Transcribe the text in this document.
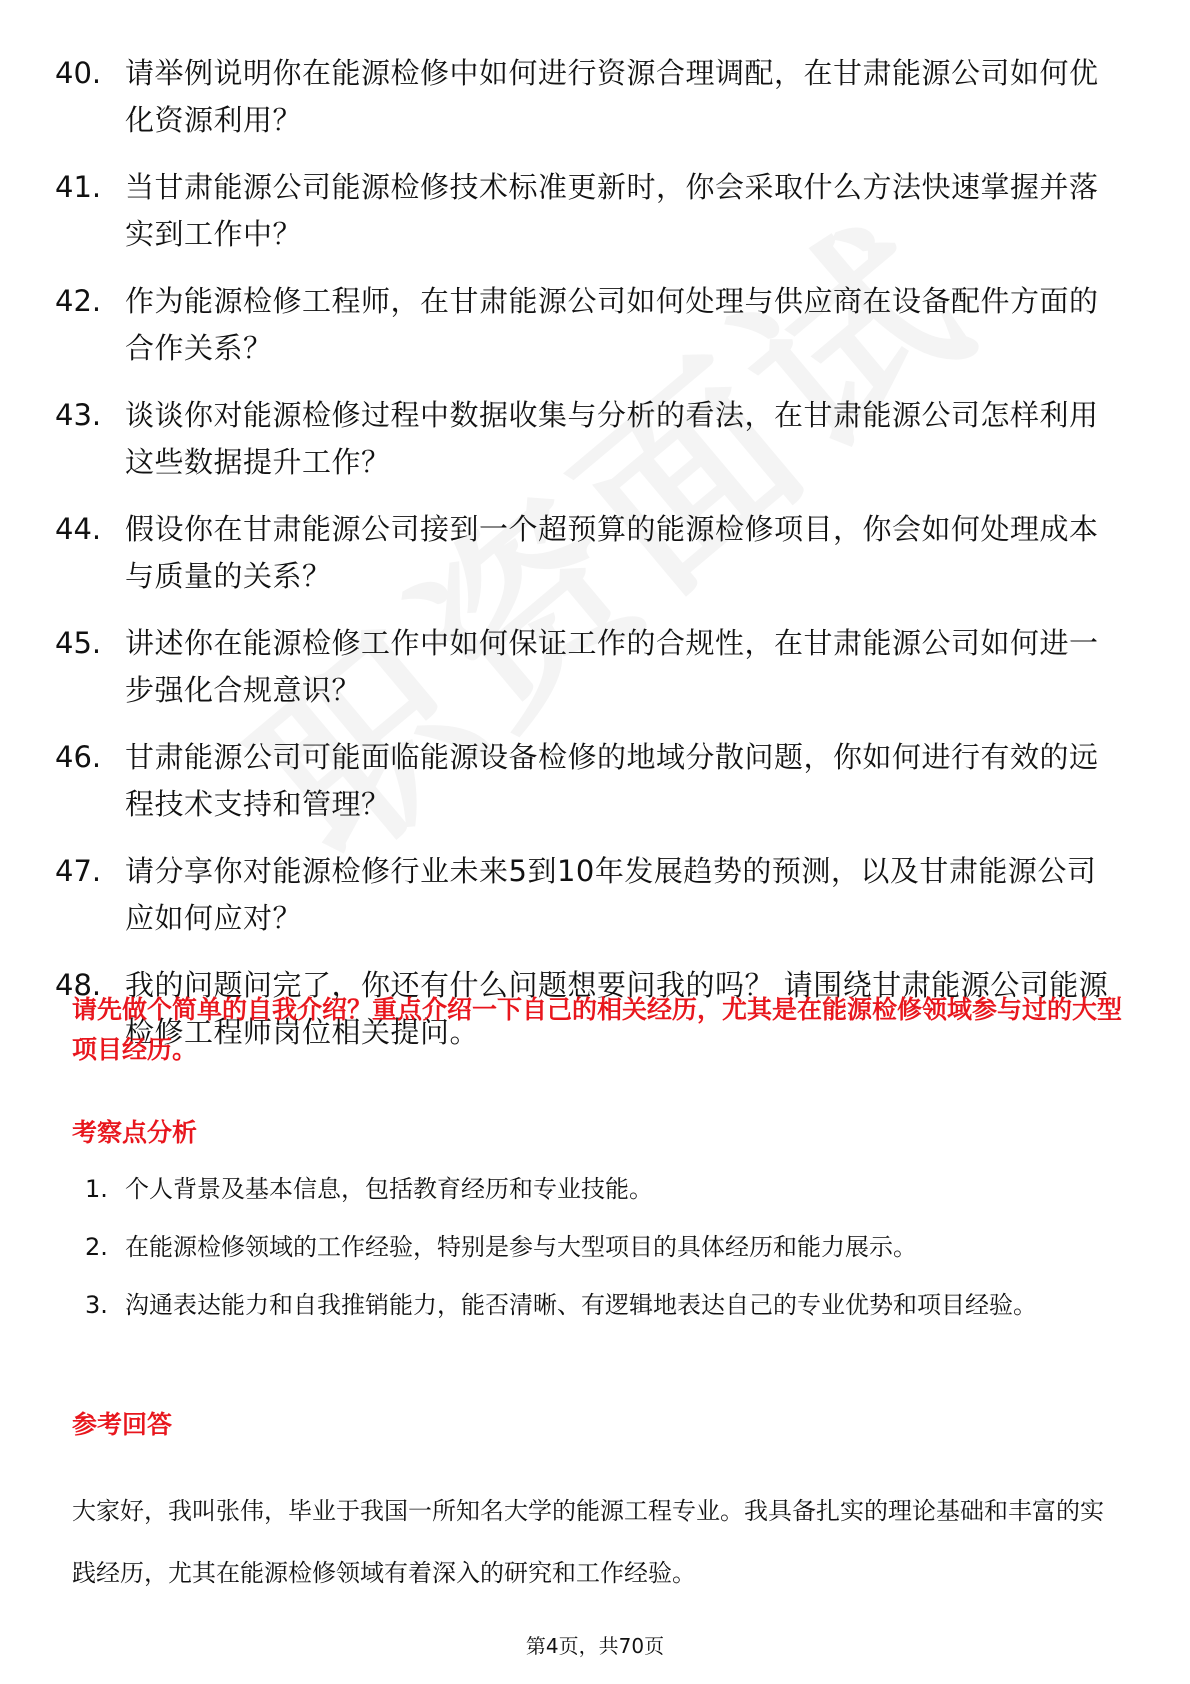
40. 请举例说明你在能源检修中如何进行资源合理调配，在甘肃能源公司如何优化资源利用？
41. 当甘肃能源公司能源检修技术标准更新时，你会采取什么方法快速掌握并落实到工作中？
42. 作为能源检修工程师，在甘肃能源公司如何处理与供应商在设备配件方面的合作关系？
43. 谈谈你对能源检修过程中数据收集与分析的看法，在甘肃能源公司怎样利用这些数据提升工作？
44. 假设你在甘肃能源公司接到一个超预算的能源检修项目，你会如何处理成本与质量的关系？
45. 讲述你在能源检修工作中如何保证工作的合规性，在甘肃能源公司如何进一步强化合规意识？
46. 甘肃能源公司可能面临能源设备检修的地域分散问题，你如何进行有效的远程技术支持和管理？
47. 请分享你对能源检修行业未来5到10年发展趋势的预测，以及甘肃能源公司应如何应对？
48. 我的问题问完了，你还有什么问题想要问我的吗？ 请围绕甘肃能源公司能源检修工程师岗位相关提问。
请先做个简单的自我介绍？重点介绍一下自己的相关经历，尤其是在能源检修领域参与过的大型项目经历。
考察点分析
1. 个人背景及基本信息，包括教育经历和专业技能。
2. 在能源检修领域的工作经验，特别是参与大型项目的具体经历和能力展示。
3. 沟通表达能力和自我推销能力，能否清晰、有逻辑地表达自己的专业优势和项目经验。
参考回答
大家好，我叫张伟，毕业于我国一所知名大学的能源工程专业。我具备扎实的理论基础和丰富的实践经历，尤其在能源检修领域有着深入的研究和工作经验。
第4页，共70页
